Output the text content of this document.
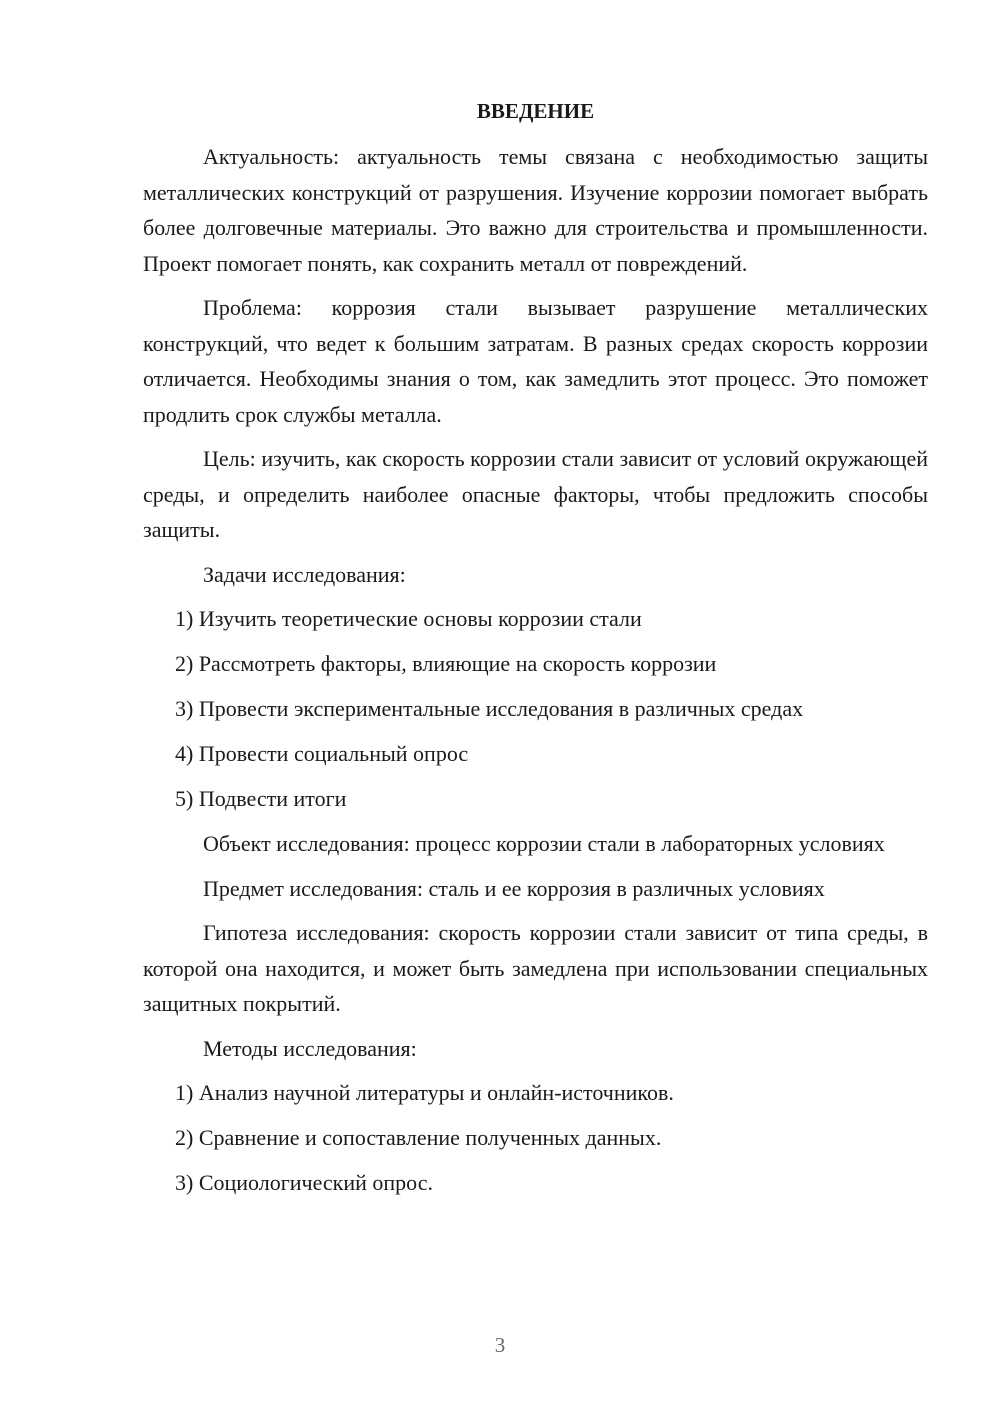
ВВЕДЕНИЕ

Актуальность: актуальность темы связана с необходимостью защиты металлических конструкций от разрушения. Изучение коррозии помогает выбрать более долговечные материалы. Это важно для строительства и промышленности. Проект помогает понять, как сохранить металл от повреждений.

Проблема: коррозия стали вызывает разрушение металлических конструкций, что ведет к большим затратам. В разных средах скорость коррозии отличается. Необходимы знания о том, как замедлить этот процесс. Это поможет продлить срок службы металла.

Цель: изучить, как скорость коррозии стали зависит от условий окружающей среды, и определить наиболее опасные факторы, чтобы предложить способы защиты.

Задачи исследования:

1) Изучить теоретические основы коррозии стали

2) Рассмотреть факторы, влияющие на скорость коррозии

3) Провести экспериментальные исследования в различных средах

4) Провести социальный опрос

5) Подвести итоги

Объект исследования: процесс коррозии стали в лабораторных условиях

Предмет исследования: сталь и ее коррозия в различных условиях

Гипотеза исследования: скорость коррозии стали зависит от типа среды, в которой она находится, и может быть замедлена при использовании специальных защитных покрытий.

Методы исследования:

1) Анализ научной литературы и онлайн-источников.

2) Сравнение и сопоставление полученных данных.

3) Социологический опрос.

3
